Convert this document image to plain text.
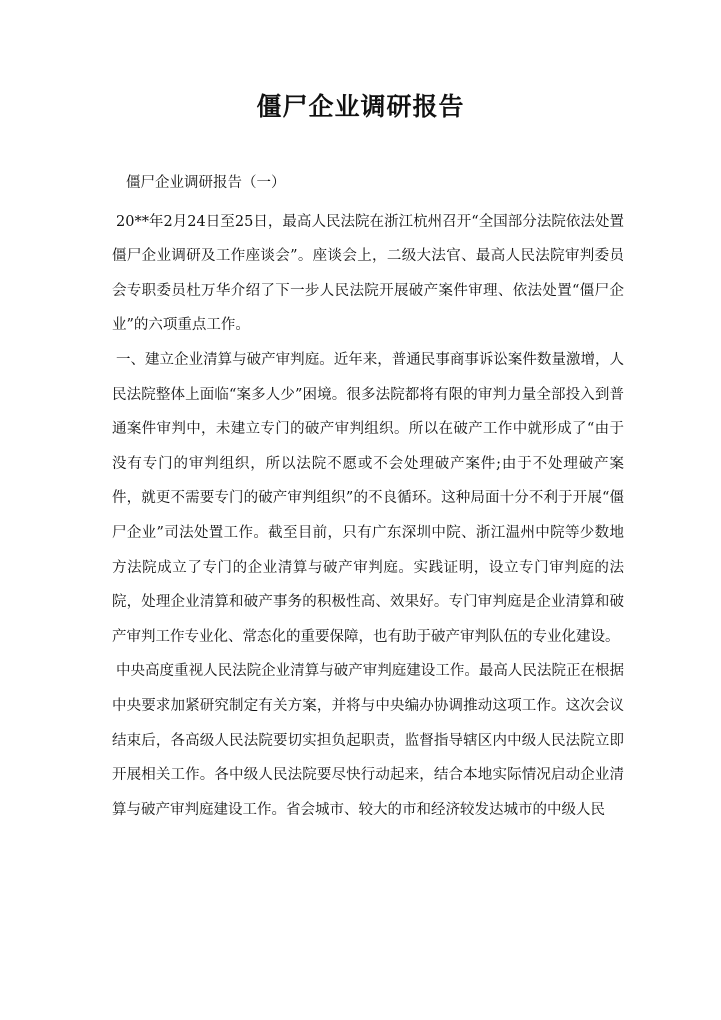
僵尸企业调研报告

僵尸企业调研报告（一）

20**年2月24日至25日，最高人民法院在浙江杭州召开“全国部分法院依法处置僵尸企业调研及工作座谈会”。座谈会上，二级大法官、最高人民法院审判委员会专职委员杜万华介绍了下一步人民法院开展破产案件审理、依法处置“僵尸企业”的六项重点工作。

一、建立企业清算与破产审判庭。近年来，普通民事商事诉讼案件数量激增，人民法院整体上面临“案多人少”困境。很多法院都将有限的审判力量全部投入到普通案件审判中，未建立专门的破产审判组织。所以在破产工作中就形成了“由于没有专门的审判组织，所以法院不愿或不会处理破产案件;由于不处理破产案件，就更不需要专门的破产审判组织”的不良循环。这种局面十分不利于开展“僵尸企业”司法处置工作。截至目前，只有广东深圳中院、浙江温州中院等少数地方法院成立了专门的企业清算与破产审判庭。实践证明，设立专门审判庭的法院，处理企业清算和破产事务的积极性高、效果好。专门审判庭是企业清算和破产审判工作专业化、常态化的重要保障，也有助于破产审判队伍的专业化建设。

中央高度重视人民法院企业清算与破产审判庭建设工作。最高人民法院正在根据中央要求加紧研究制定有关方案，并将与中央编办协调推动这项工作。这次会议结束后，各高级人民法院要切实担负起职责，监督指导辖区内中级人民法院立即开展相关工作。各中级人民法院要尽快行动起来，结合本地实际情况启动企业清算与破产审判庭建设工作。省会城市、较大的市和经济较发达城市的中级人民
